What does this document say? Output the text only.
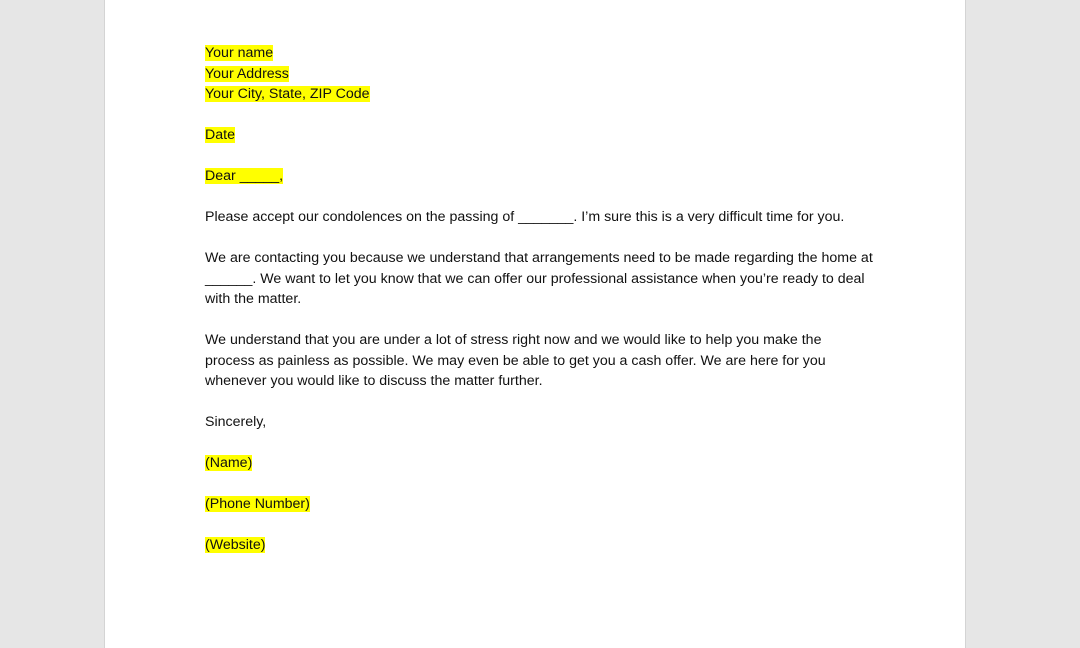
Your name

Your Address

Your City, State, ZIP Code

Date

Dear _____,

Please accept our condolences on the passing of _______. I’m sure this is a very difficult time for you.

We are contacting you because we understand that arrangements need to be made regarding the home at ______. We want to let you know that we can offer our professional assistance when you’re ready to deal with the matter.

We understand that you are under a lot of stress right now and we would like to help you make the process as painless as possible. We may even be able to get you a cash offer. We are here for you whenever you would like to discuss the matter further.

Sincerely,

(Name)

(Phone Number)

(Website)
